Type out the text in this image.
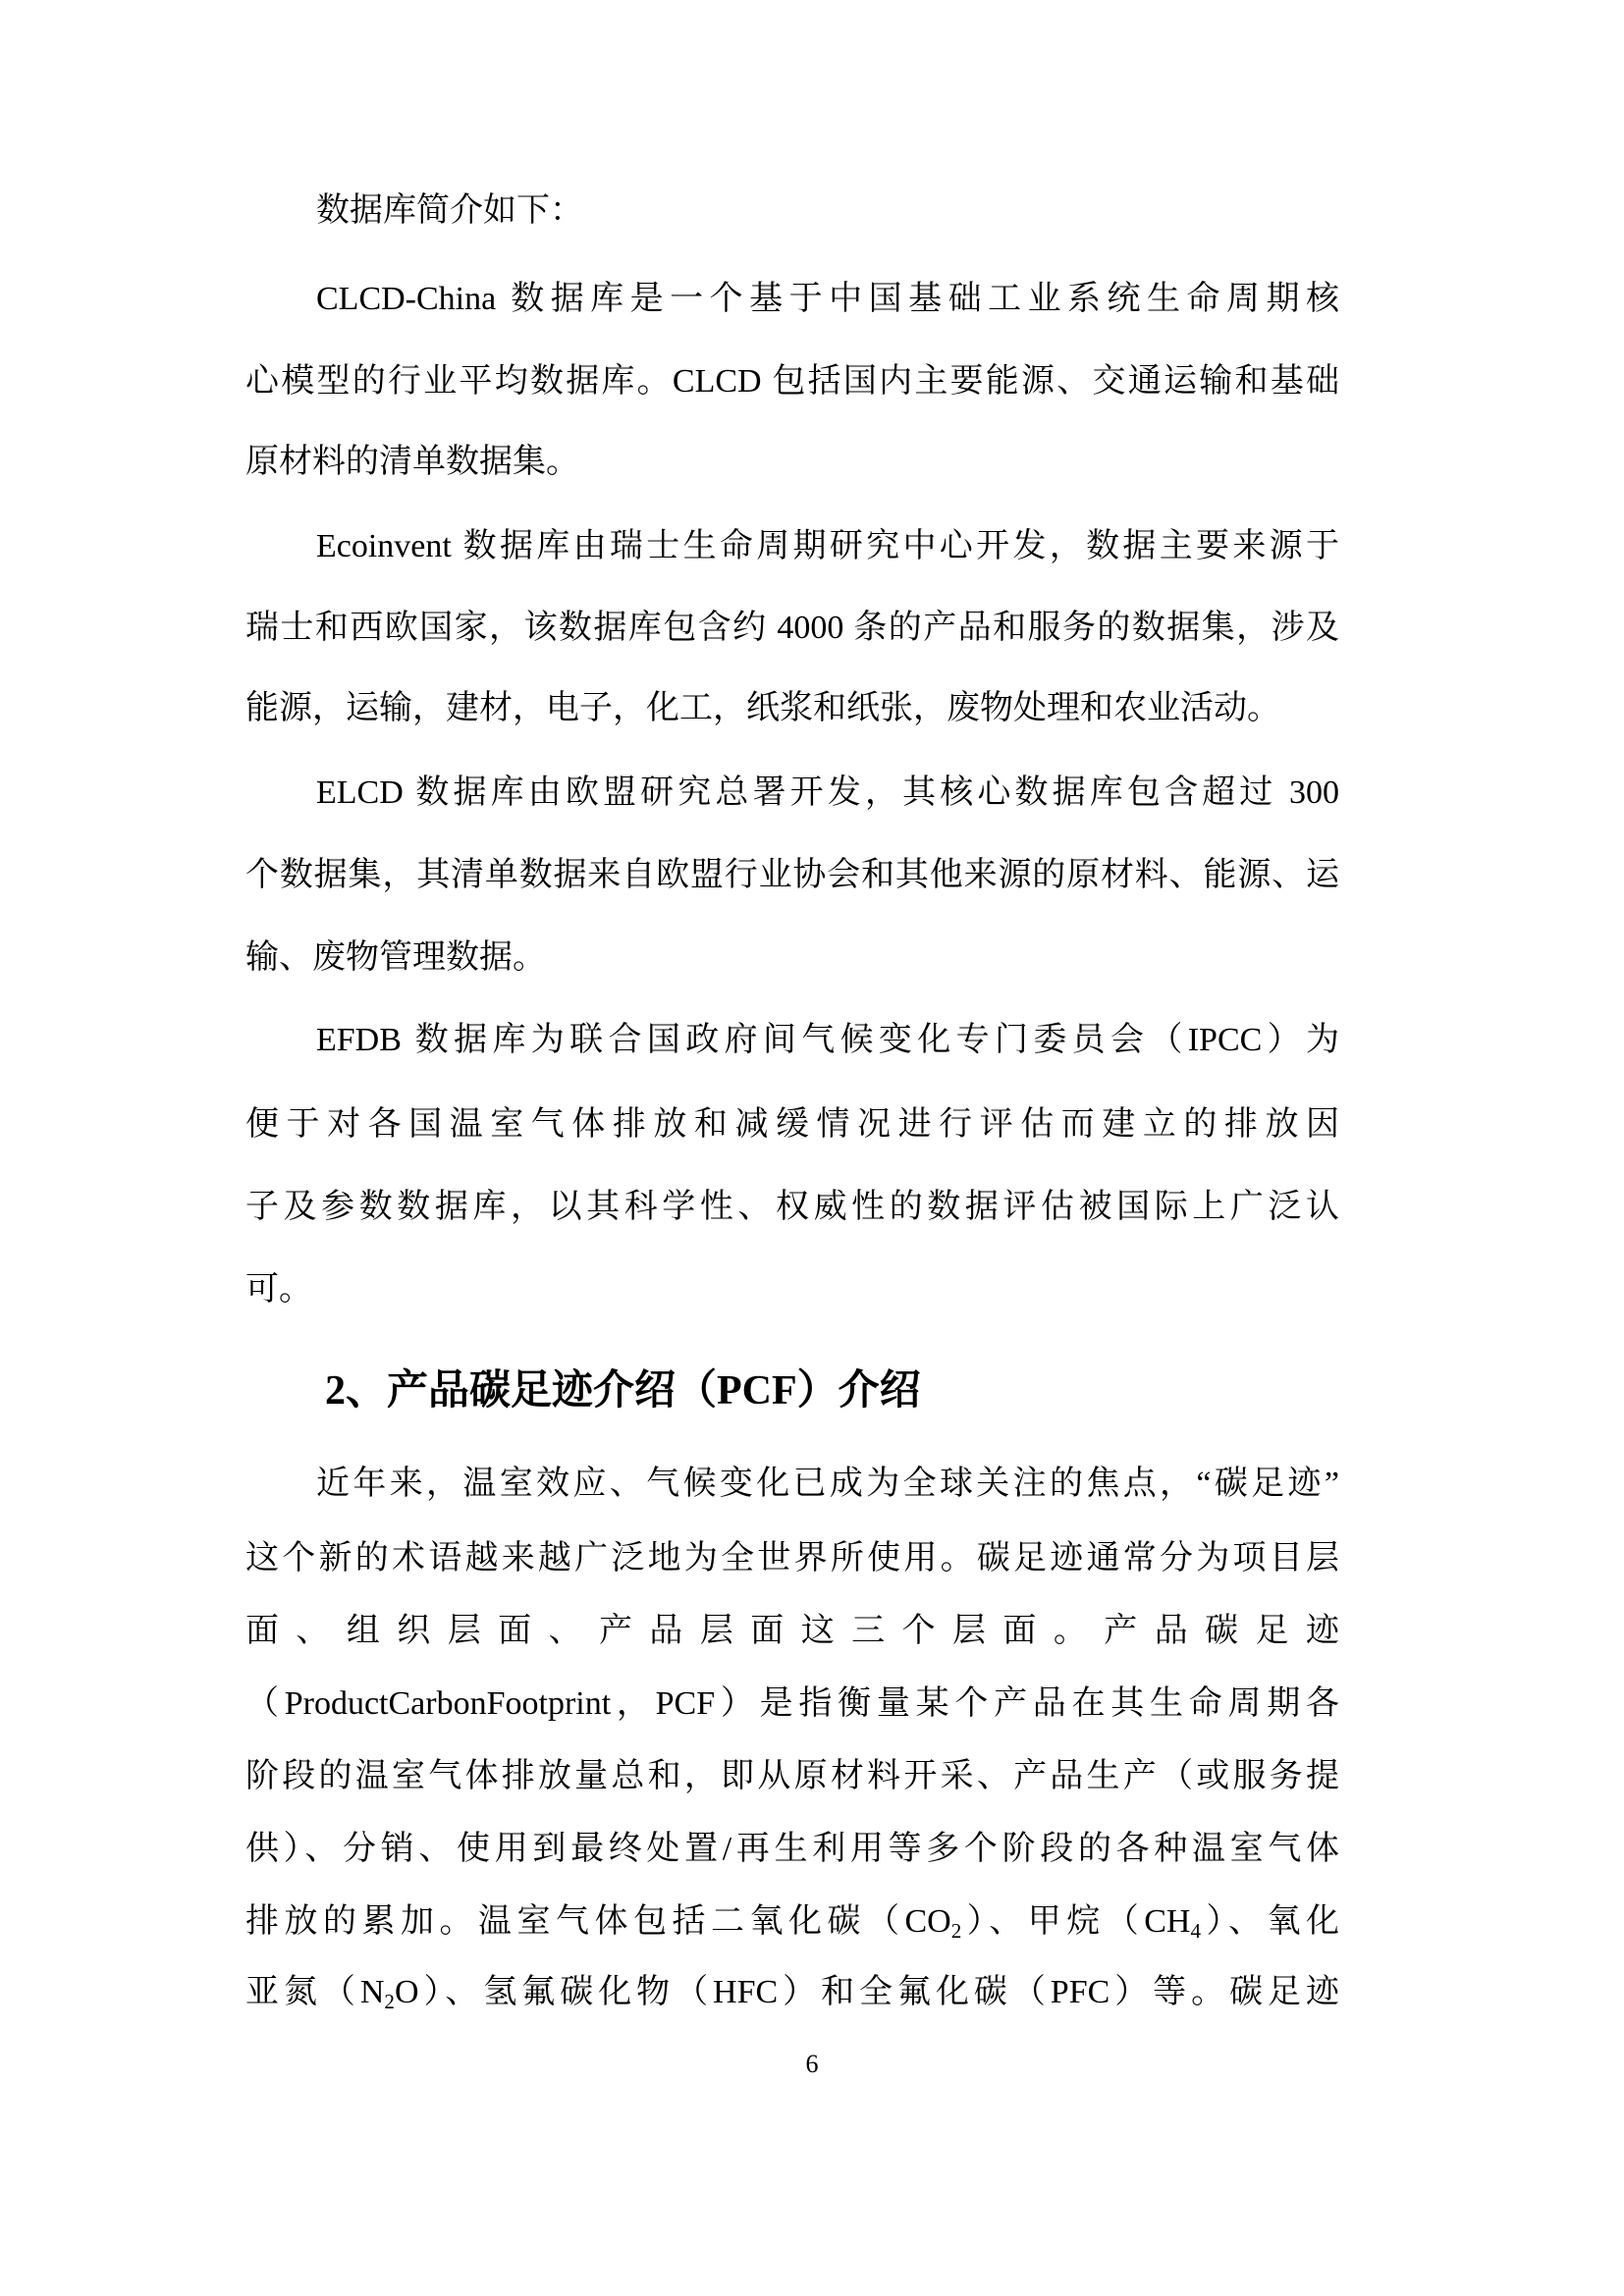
数据库简介如下：
CLCD-China 数据库是一个基于中国基础工业系统生命周期核
心模型的行业平均数据库。CLCD 包括国内主要能源、交通运输和基础
原材料的清单数据集。
Ecoinvent 数据库由瑞士生命周期研究中心开发，数据主要来源于
瑞士和西欧国家，该数据库包含约 4000 条的产品和服务的数据集，涉及
能源，运输，建材，电子，化工，纸浆和纸张，废物处理和农业活动。
ELCD 数据库由欧盟研究总署开发，其核心数据库包含超过 300
个数据集，其清单数据来自欧盟行业协会和其他来源的原材料、能源、运
输、废物管理数据。
EFDB 数据库为联合国政府间气候变化专门委员会（IPCC）为
便于对各国温室气体排放和减缓情况进行评估而建立的排放因
子及参数数据库，以其科学性、权威性的数据评估被国际上广泛认
可。
2、产品碳足迹介绍（PCF）介绍
近年来，温室效应、气候变化已成为全球关注的焦点，“碳足迹”
这个新的术语越来越广泛地为全世界所使用。碳足迹通常分为项目层
面、组织层面、产品层面这三个层面。产品碳足迹
（ProductCarbonFootprint，PCF）是指衡量某个产品在其生命周期各
阶段的温室气体排放量总和，即从原材料开采、产品生产（或服务提
供）、分销、使用到最终处置/再生利用等多个阶段的各种温室气体
排放的累加。温室气体包括二氧化碳$(CO_2)$、甲烷$(CH_4)$、氧化
亚氮$(N_2O)$、氢氟碳化物（HFC）和全氟化碳（PFC）等。碳足迹
6
